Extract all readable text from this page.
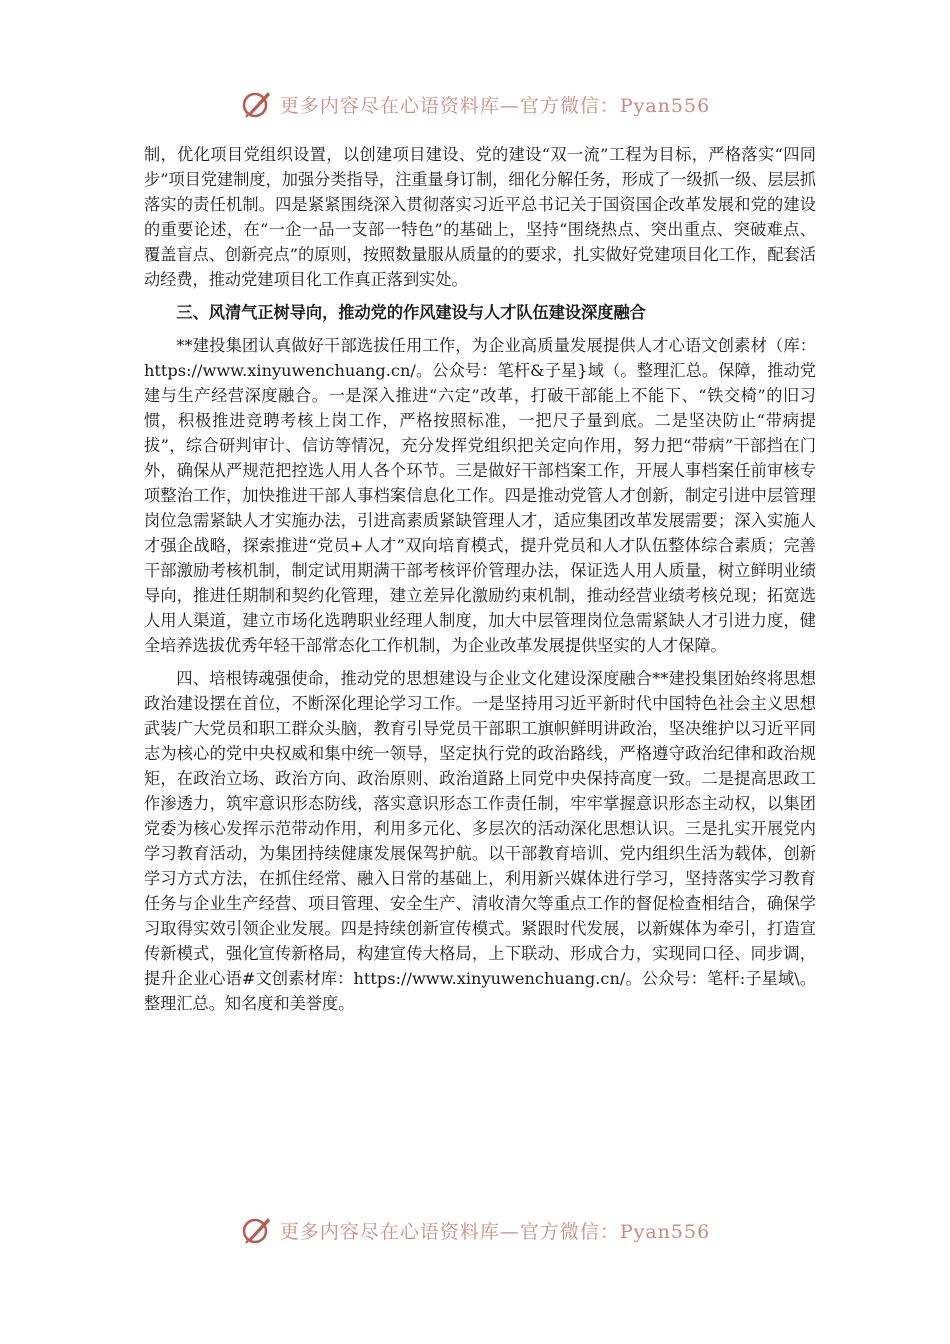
更多内容尽在心语资料库—官方微信：Pyan556

制，优化项目党组织设置，以创建项目建设、党的建设“双一流”工程为目标，严格落实“四同步”项目党建制度，加强分类指导，注重量身订制，细化分解任务，形成了一级抓一级、层层抓落实的责任机制。四是紧紧围绕深入贯彻落实习近平总书记关于国资国企改革发展和党的建设的重要论述，在“一企一品一支部一特色”的基础上，坚持“围绕热点、突出重点、突破难点、覆盖盲点、创新亮点”的原则，按照数量服从质量的的要求，扎实做好党建项目化工作，配套活动经费，推动党建项目化工作真正落到实处。

三、风清气正树导向，推动党的作风建设与人才队伍建设深度融合

**建投集团认真做好干部选拔任用工作，为企业高质量发展提供人才心语文创素材（库：https://www.xinyuwenchuang.cn/。公众号：笔杆&子星}域（。整理汇总。保障，推动党建与生产经营深度融合。一是深入推进“六定”改革，打破干部能上不能下、“铁交椅”的旧习惯，积极推进竞聘考核上岗工作，严格按照标准，一把尺子量到底。二是坚决防止“带病提拔”，综合研判审计、信访等情况，充分发挥党组织把关定向作用，努力把“带病”干部挡在门外，确保从严规范把控选人用人各个环节。三是做好干部档案工作，开展人事档案任前审核专项整治工作，加快推进干部人事档案信息化工作。四是推动党管人才创新，制定引进中层管理岗位急需紧缺人才实施办法，引进高素质紧缺管理人才，适应集团改革发展需要；深入实施人才强企战略，探索推进“党员+人才”双向培育模式，提升党员和人才队伍整体综合素质；完善干部激励考核机制，制定试用期满干部考核评价管理办法，保证选人用人质量，树立鲜明业绩导向，推进任期制和契约化管理，建立差异化激励约束机制，推动经营业绩考核兑现；拓宽选人用人渠道，建立市场化选聘职业经理人制度，加大中层管理岗位急需紧缺人才引进力度，健全培养选拔优秀年轻干部常态化工作机制，为企业改革发展提供坚实的人才保障。

四、培根铸魂强使命，推动党的思想建设与企业文化建设深度融合**建投集团始终将思想政治建设摆在首位，不断深化理论学习工作。一是坚持用习近平新时代中国特色社会主义思想武装广大党员和职工群众头脑，教育引导党员干部职工旗帜鲜明讲政治，坚决维护以习近平同志为核心的党中央权威和集中统一领导，坚定执行党的政治路线，严格遵守政治纪律和政治规矩，在政治立场、政治方向、政治原则、政治道路上同党中央保持高度一致。二是提高思政工作渗透力，筑牢意识形态防线，落实意识形态工作责任制，牢牢掌握意识形态主动权，以集团党委为核心发挥示范带动作用，利用多元化、多层次的活动深化思想认识。三是扎实开展党内学习教育活动，为集团持续健康发展保驾护航。以干部教育培训、党内组织生活为载体，创新学习方式方法，在抓住经常、融入日常的基础上，利用新兴媒体进行学习，坚持落实学习教育任务与企业生产经营、项目管理、安全生产、清收清欠等重点工作的督促检查相结合，确保学习取得实效引领企业发展。四是持续创新宣传模式。紧跟时代发展，以新媒体为牵引，打造宣传新模式，强化宣传新格局，构建宣传大格局，上下联动、形成合力，实现同口径、同步调，提升企业心语#文创素材库：https://www.xinyuwenchuang.cn/。公众号：笔杆:子星域\。整理汇总。知名度和美誉度。

更多内容尽在心语资料库—官方微信：Pyan556
